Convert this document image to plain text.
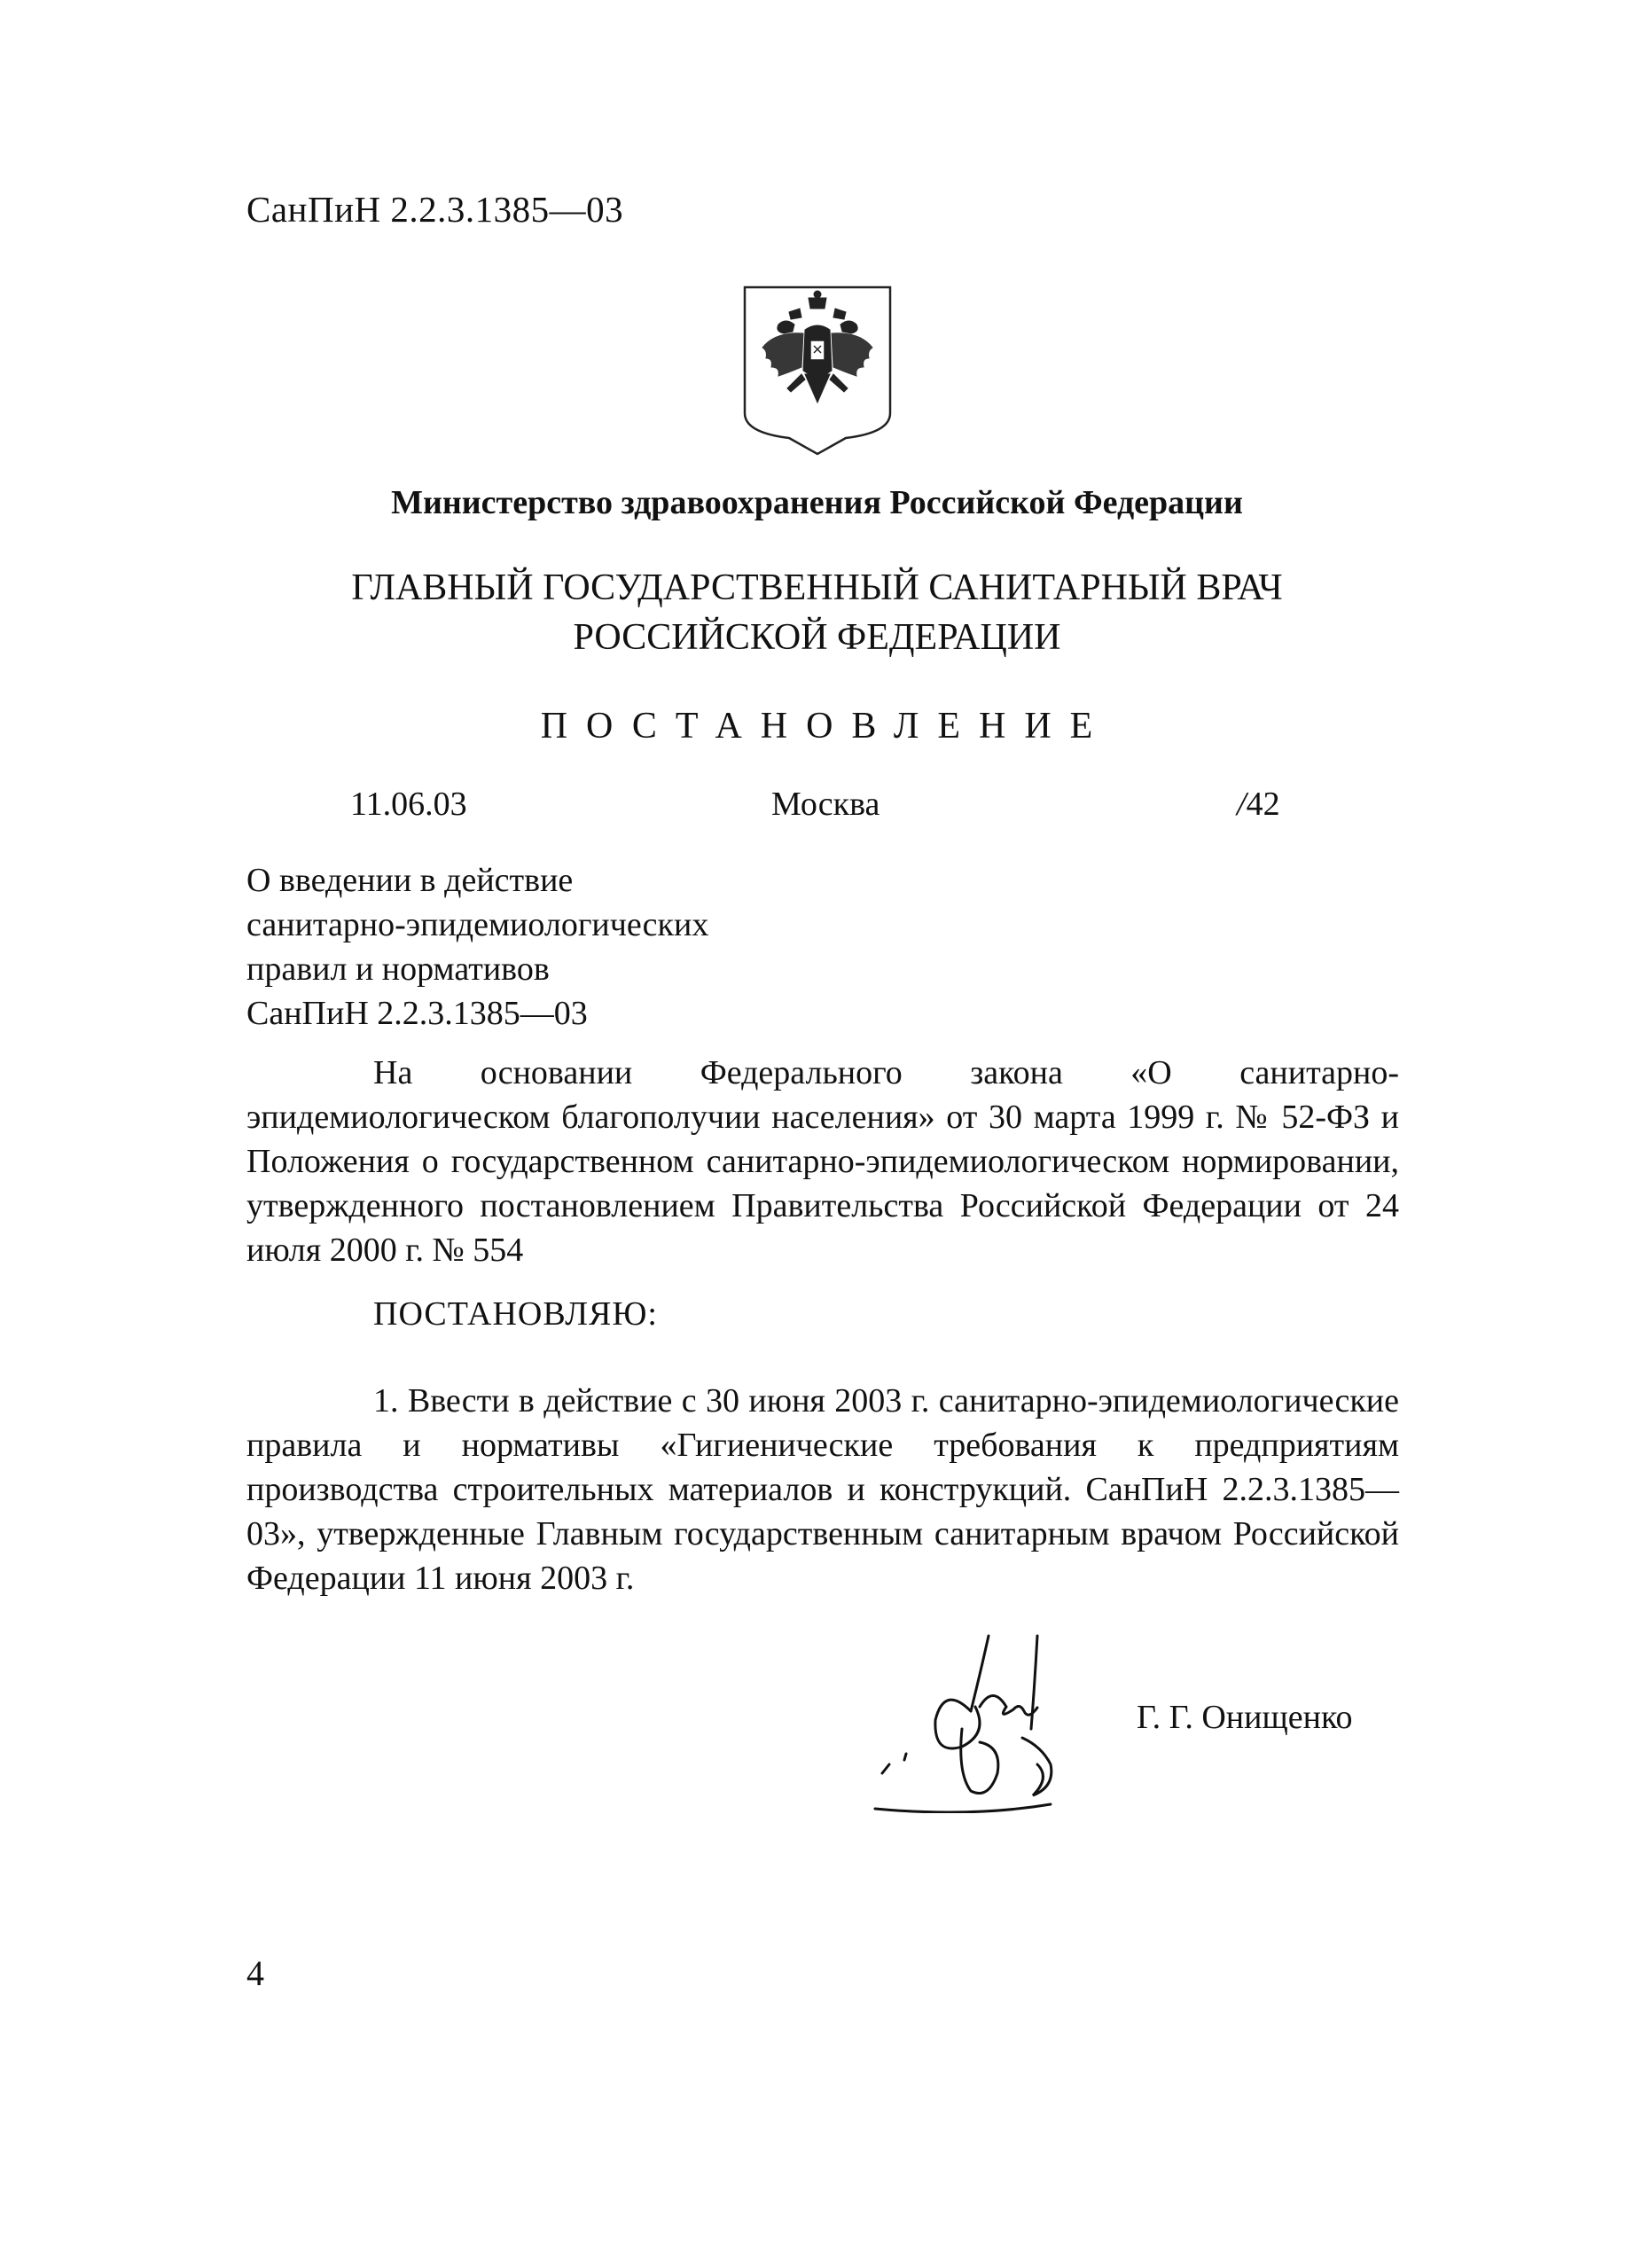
СанПиН 2.2.3.1385—03
Министерство здравоохранения Российской Федерации
ГЛАВНЫЙ ГОСУДАРСТВЕННЫЙ САНИТАРНЫЙ ВРАЧ
РОССИЙСКОЙ ФЕДЕРАЦИИ
ПОСТАНОВЛЕНИЕ
11.06.03	Москва	/42
О введении в действие
санитарно-эпидемиологических
правил и нормативов
СанПиН 2.2.3.1385—03
На основании Федерального закона «О санитарно-эпидемиологическом благополучии населения» от 30 марта 1999 г. № 52-ФЗ и Положения о государственном санитарно-эпидемиологическом нормировании, утвержденного постановлением Правительства Российской Федерации от 24 июля 2000 г. № 554
ПОСТАНОВЛЯЮ:
1. Ввести в действие с 30 июня 2003 г. санитарно-эпидемиологические правила и нормативы «Гигиенические требования к предприятиям производства строительных материалов и конструкций. СанПиН 2.2.3.1385—03», утвержденные Главным государственным санитарным врачом Российской Федерации 11 июня 2003 г.
Г. Г. Онищенко
4
